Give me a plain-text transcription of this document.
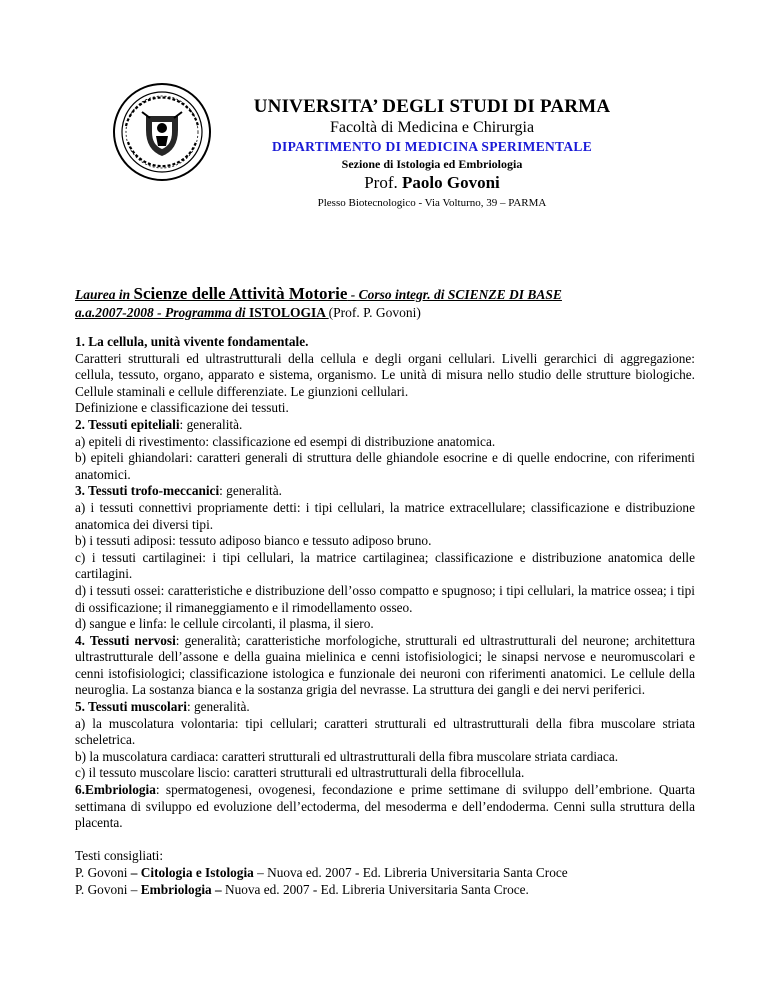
UNIVERSITA’ DEGLI STUDI DI PARMA
Facoltà di Medicina e Chirurgia
DIPARTIMENTO DI MEDICINA SPERIMENTALE
Sezione di Istologia ed Embriologia
Prof. Paolo Govoni
Plesso Biotecnologico - Via Volturno, 39 – PARMA
Laurea in Scienze delle Attività Motorie - Corso integr. di SCIENZE DI BASE
a.a.2007-2008 - Programma di ISTOLOGIA (Prof. P. Govoni)

1. La cellula, unità vivente fondamentale.

Caratteri strutturali ed ultrastrutturali della cellula e degli organi cellulari. Livelli gerarchici di aggregazione: cellula, tessuto, organo, apparato e sistema, organismo. Le unità di misura nello studio delle strutture biologiche. Cellule staminali e cellule differenziate. Le giunzioni cellulari.

Definizione e classificazione dei tessuti.

2. Tessuti epiteliali: generalità.

a) epiteli di rivestimento: classificazione ed esempi di distribuzione anatomica.

b) epiteli ghiandolari: caratteri generali di struttura delle ghiandole esocrine e di quelle endocrine, con riferimenti anatomici.

3. Tessuti trofo-meccanici: generalità.

a) i tessuti connettivi propriamente detti: i tipi cellulari, la matrice extracellulare; classificazione e distribuzione anatomica dei diversi tipi.

b) i tessuti adiposi: tessuto adiposo bianco e tessuto adiposo bruno.

c) i tessuti cartilaginei: i tipi cellulari, la matrice cartilaginea; classificazione e distribuzione anatomica delle cartilagini.

d) i tessuti ossei: caratteristiche e distribuzione dell’osso compatto e spugnoso; i tipi cellulari, la matrice ossea; i tipi di ossificazione; il rimaneggiamento e il rimodellamento osseo.

d) sangue e linfa: le cellule circolanti, il plasma, il siero.

4. Tessuti nervosi: generalità; caratteristiche morfologiche, strutturali ed ultrastrutturali del neurone; architettura ultrastrutturale dell’assone e della guaina mielinica e cenni istofisiologici; le sinapsi nervose e neuromuscolari e cenni istofisiologici; classificazione istologica e funzionale dei neuroni con riferimenti anatomici. Le cellule della neuroglia. La sostanza bianca e la sostanza grigia del nevrasse. La struttura dei gangli e dei nervi periferici.

5. Tessuti muscolari: generalità.

a) la muscolatura volontaria: tipi cellulari; caratteri strutturali ed ultrastrutturali della fibra muscolare striata scheletrica.

b) la muscolatura cardiaca: caratteri strutturali ed ultrastrutturali della fibra muscolare striata cardiaca.

c) il tessuto muscolare liscio: caratteri strutturali ed ultrastrutturali della fibrocellula.

6.Embriologia: spermatogenesi, ovogenesi, fecondazione e prime settimane di sviluppo dell’embrione. Quarta settimana di sviluppo ed evoluzione dell’ectoderma, del mesoderma e dell’endoderma. Cenni sulla struttura della placenta.

Testi consigliati:

P. Govoni – Citologia e Istologia – Nuova ed. 2007 - Ed. Libreria Universitaria Santa Croce

P. Govoni – Embriologia – Nuova ed. 2007 - Ed. Libreria Universitaria Santa Croce.
